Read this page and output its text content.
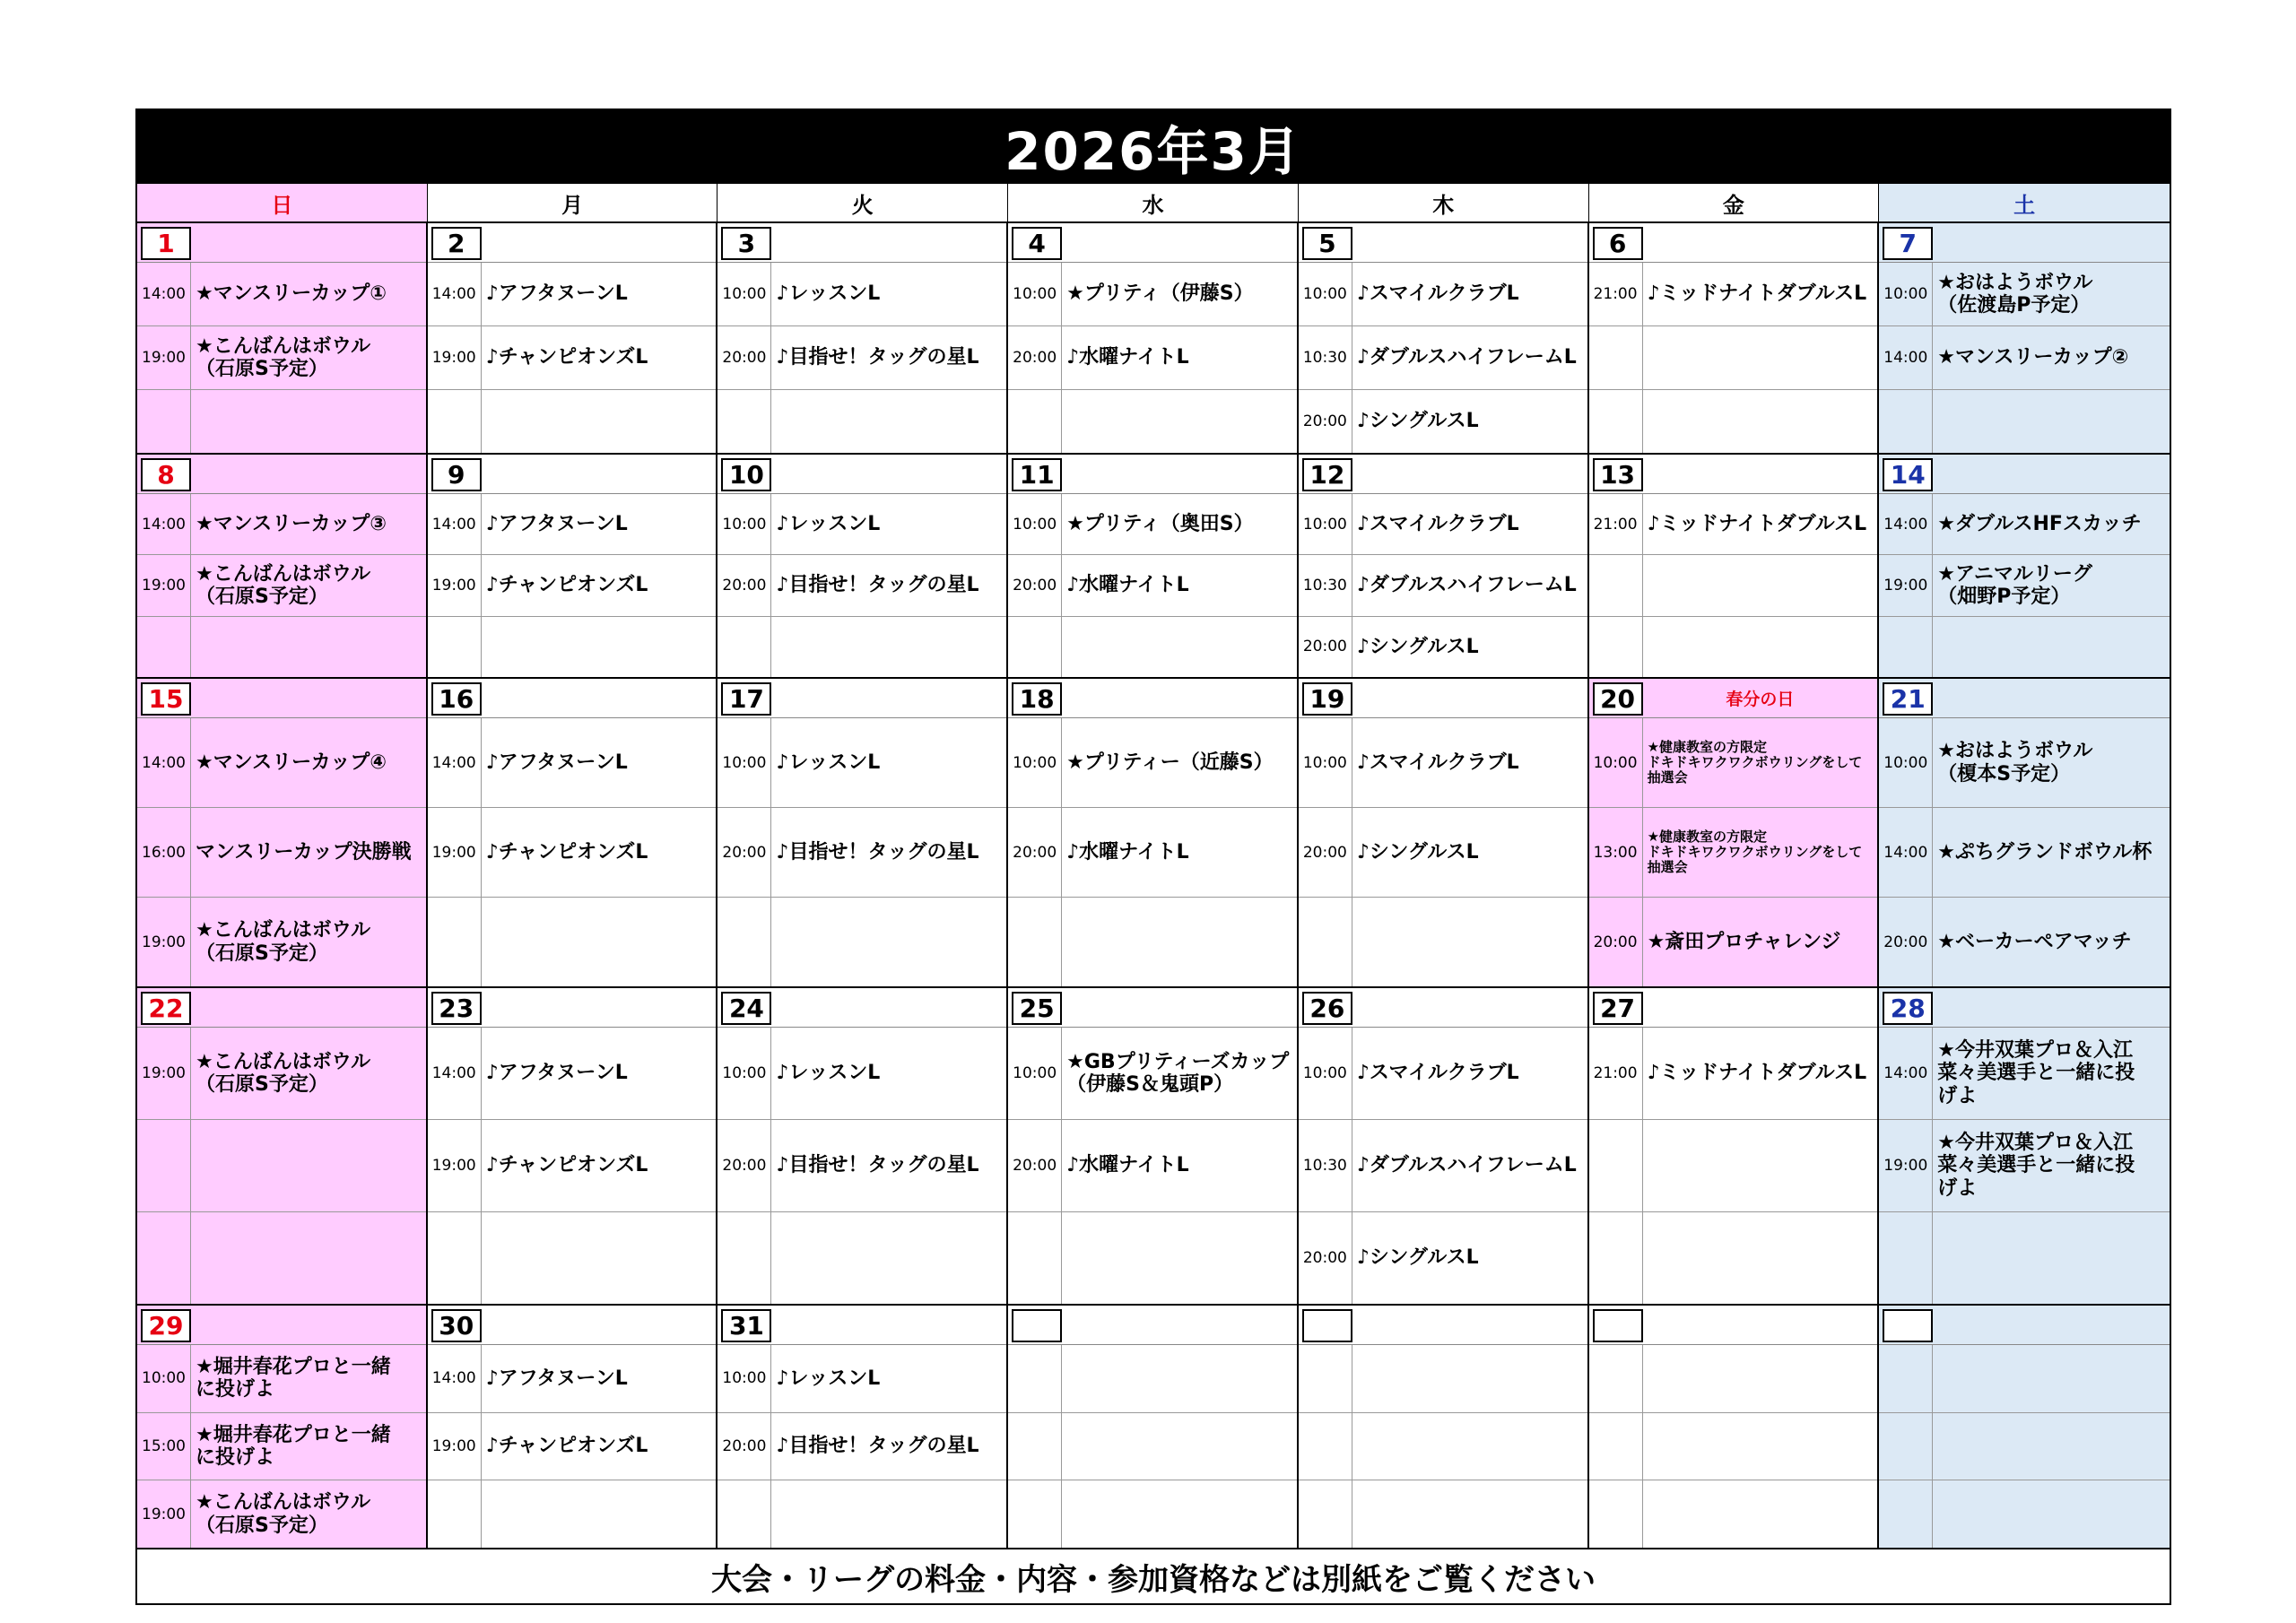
2026年3月
日	月	火	水	木	金	土
1
14:00 ★マンスリーカップ①
19:00
★こんばんはボウル
（石原S予定）
2
14:00 ♪アフタヌーンL
19:00 ♪チャンピオンズL
3
10:00 ♪レッスンL
20:00 ♪目指せ！タッグの星L
4
10:00 ★プリティ（伊藤S）
20:00 ♪水曜ナイトL
5
10:00 ♪スマイルクラブL
10:30 ♪ダブルスハイフレームL
20:00 ♪シングルスL
6
21:00 ♪ミッドナイトダブルスL
7
10:00
★おはようボウル
（佐渡島P予定）
14:00 ★マンスリーカップ②
8
14:00 ★マンスリーカップ③
19:00
★こんばんはボウル
（石原S予定）
9
14:00 ♪アフタヌーンL
19:00 ♪チャンピオンズL
10
10:00 ♪レッスンL
20:00 ♪目指せ！タッグの星L
11
10:00 ★プリティ（奥田S）
20:00 ♪水曜ナイトL
12
10:00 ♪スマイルクラブL
10:30 ♪ダブルスハイフレームL
20:00 ♪シングルスL
13
21:00 ♪ミッドナイトダブルスL
14
14:00 ★ダブルスHFスカッチ
19:00
★アニマルリーグ
（畑野P予定）
15
14:00 ★マンスリーカップ④
16:00 マンスリーカップ決勝戦
19:00
★こんばんはボウル
（石原S予定）
16
14:00 ♪アフタヌーンL
19:00 ♪チャンピオンズL
17
10:00 ♪レッスンL
20:00 ♪目指せ！タッグの星L
18
10:00 ★プリティー（近藤S）
20:00 ♪水曜ナイトL
19
10:00 ♪スマイルクラブL
20:00 ♪シングルスL
20	春分の日
10:00
★健康教室の方限定
ドキドキワクワクボウリングをして
抽選会
13:00
★健康教室の方限定
ドキドキワクワクボウリングをして
抽選会
20:00 ★斎田プロチャレンジ
21
10:00
★おはようボウル
（榎本S予定）
14:00 ★ぷちグランドボウル杯
20:00 ★ベーカーペアマッチ
22
19:00
★こんばんはボウル
（石原S予定）
23
14:00 ♪アフタヌーンL
19:00 ♪チャンピオンズL
24
10:00 ♪レッスンL
20:00 ♪目指せ！タッグの星L
25
10:00
★GBプリティーズカップ
（伊藤S＆鬼頭P）
20:00 ♪水曜ナイトL
26
10:00 ♪スマイルクラブL
10:30 ♪ダブルスハイフレームL
20:00 ♪シングルスL
27
21:00 ♪ミッドナイトダブルスL
28
14:00
★今井双葉プロ＆入江
菜々美選手と一緒に投
げよ
19:00
★今井双葉プロ＆入江
菜々美選手と一緒に投
げよ
29
10:00
★堀井春花プロと一緒
に投げよ
15:00
★堀井春花プロと一緒
に投げよ
19:00
★こんばんはボウル
（石原S予定）
30
14:00 ♪アフタヌーンL
19:00 ♪チャンピオンズL
31
10:00 ♪レッスンL
20:00 ♪目指せ！タッグの星L
大会・リーグの料金・内容・参加資格などは別紙をご覧ください
